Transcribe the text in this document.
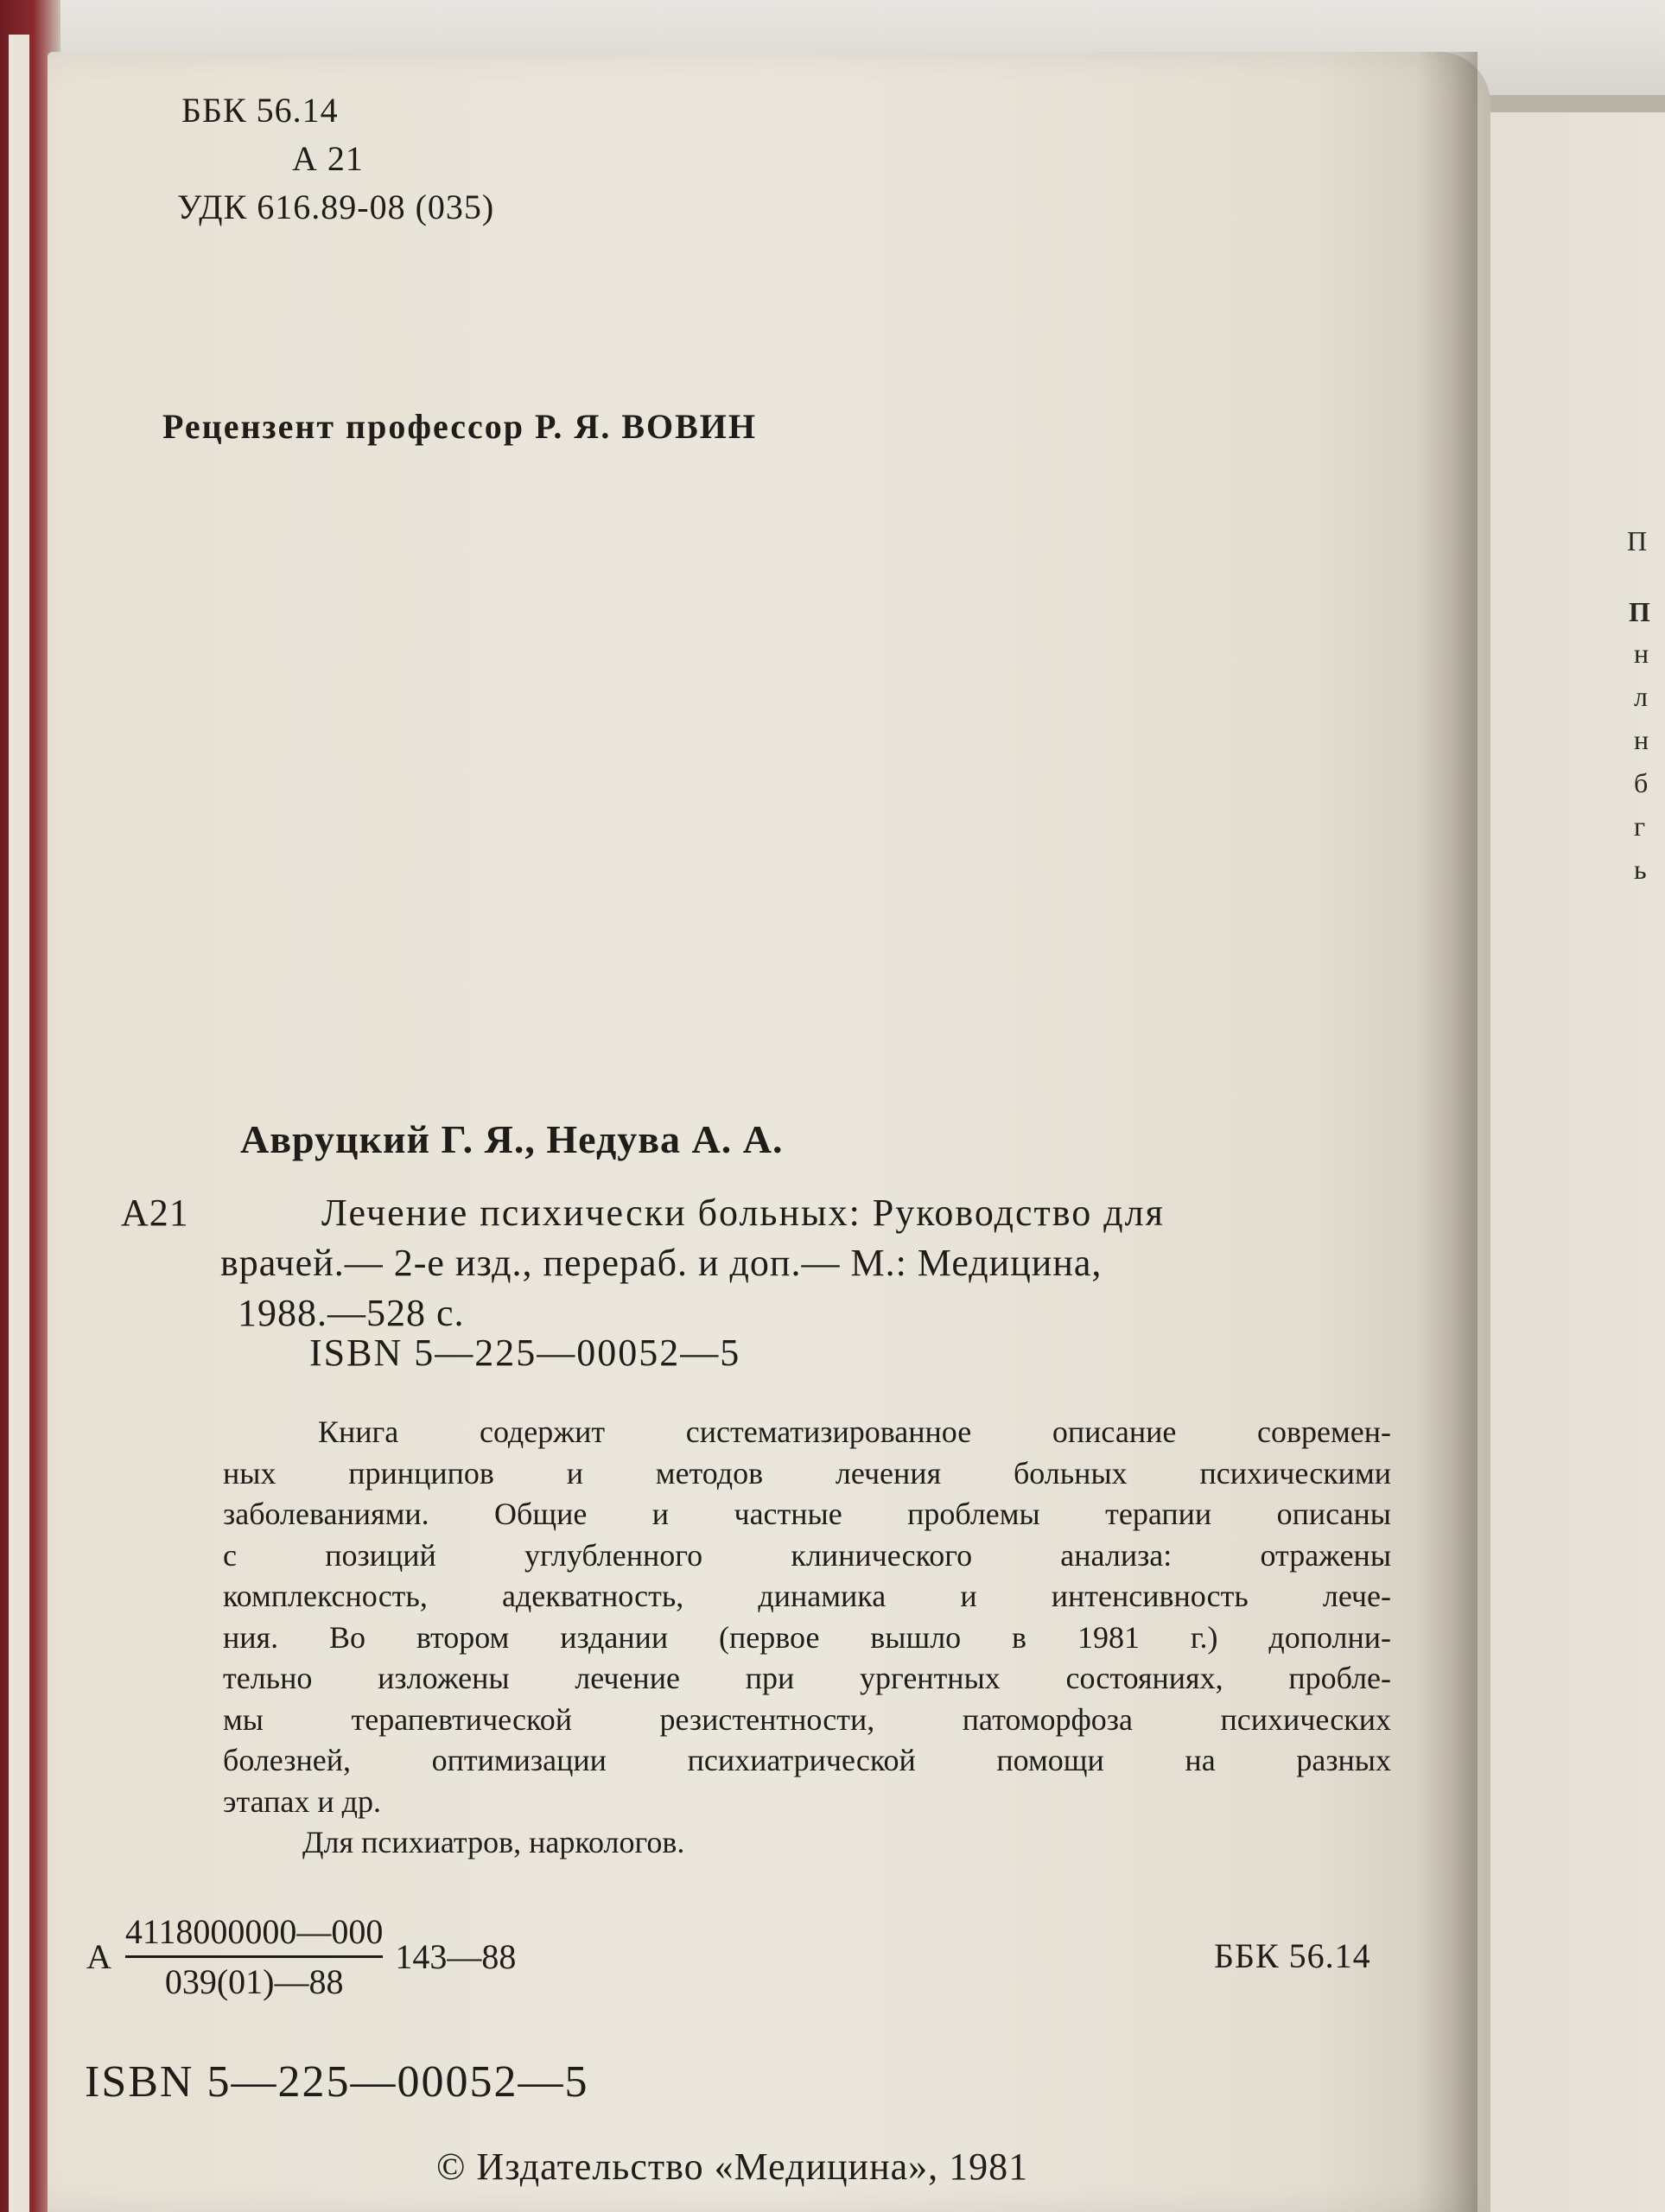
П
П
н
л
н
б
г
ь
ББК 56.14
А 21
УДК 616.89-08 (035)
Рецензент профессор Р. Я. ВОВИН
Авруцкий Г. Я., Недува А. А.
А21	Лечение психически больных: Руководство для
врачей.— 2-е изд., перераб. и доп.— М.: Медицина,
1988.—528 с.
ISBN 5—225—00052—5
Книга содержит систематизированное описание современ-
ных принципов и методов лечения больных психическими
заболеваниями. Общие и частные проблемы терапии описаны
с позиций углубленного клинического анализа: отражены
комплексность, адекватность, динамика и интенсивность лече-
ния. Во втором издании (первое вышло в 1981 г.) дополни-
тельно изложены лечение при ургентных состояниях, пробле-
мы терапевтической резистентности, патоморфоза психических
болезней, оптимизации психиатрической помощи на разных
этапах и др.
Для психиатров, наркологов.
А $\frac{4118000000—000}{039(01)—88}$ 143—88	ББК 56.14
ISBN 5—225—00052—5
© Издательство «Медицина», 1981
